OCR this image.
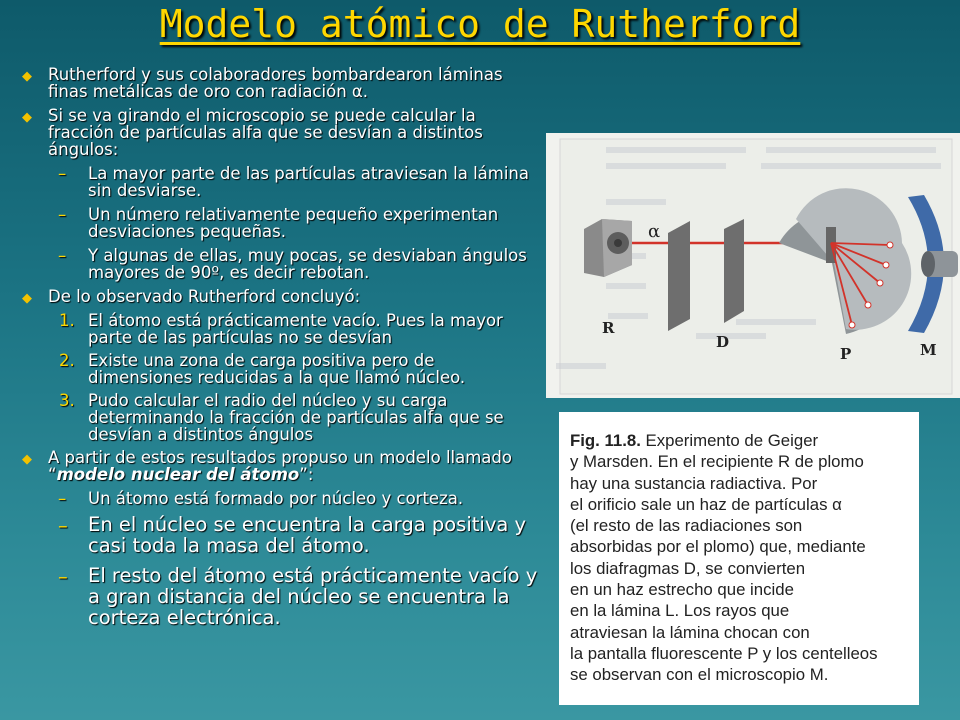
Modelo atómico de Rutherford
◆ Rutherford y sus colaboradores bombardearon láminas finas metálicas de oro con radiación α.
◆ Si se va girando el microscopio se puede calcular la fracción de partículas alfa que se desvían a distintos ángulos:
– La mayor parte de las partículas atraviesan la lámina sin desviarse.
– Un número relativamente pequeño experimentan desviaciones pequeñas.
– Y algunas de ellas, muy pocas, se desviaban ángulos mayores de 90º, es decir rebotan.
◆ De lo observado Rutherford concluyó:
1. El átomo está prácticamente vacío. Pues la mayor parte de las partículas no se desvían
2. Existe una zona de carga positiva pero de dimensiones reducidas a la que llamó núcleo.
3. Pudo calcular el radio del núcleo y su carga determinando la fracción de partículas alfa que se desvían a distintos ángulos
◆ A partir de estos resultados propuso un modelo llamado “modelo nuclear del átomo”:
– Un átomo está formado por núcleo y corteza.
– En el núcleo se encuentra la carga positiva y casi toda la masa del átomo.
– El resto del átomo está prácticamente vacío y a gran distancia del núcleo se encuentra la corteza electrónica.
α
R
D
P	M
Fig. 11.8. Experimento de Geiger
y Marsden. En el recipiente R de plomo
hay una sustancia radiactiva. Por
el orificio sale un haz de partículas α
(el resto de las radiaciones son
absorbidas por el plomo) que, mediante
los diafragmas D, se convierten
en un haz estrecho que incide
en la lámina L. Los rayos que
atraviesan la lámina chocan con
la pantalla fluorescente P y los centelleos
se observan con el microscopio M.
